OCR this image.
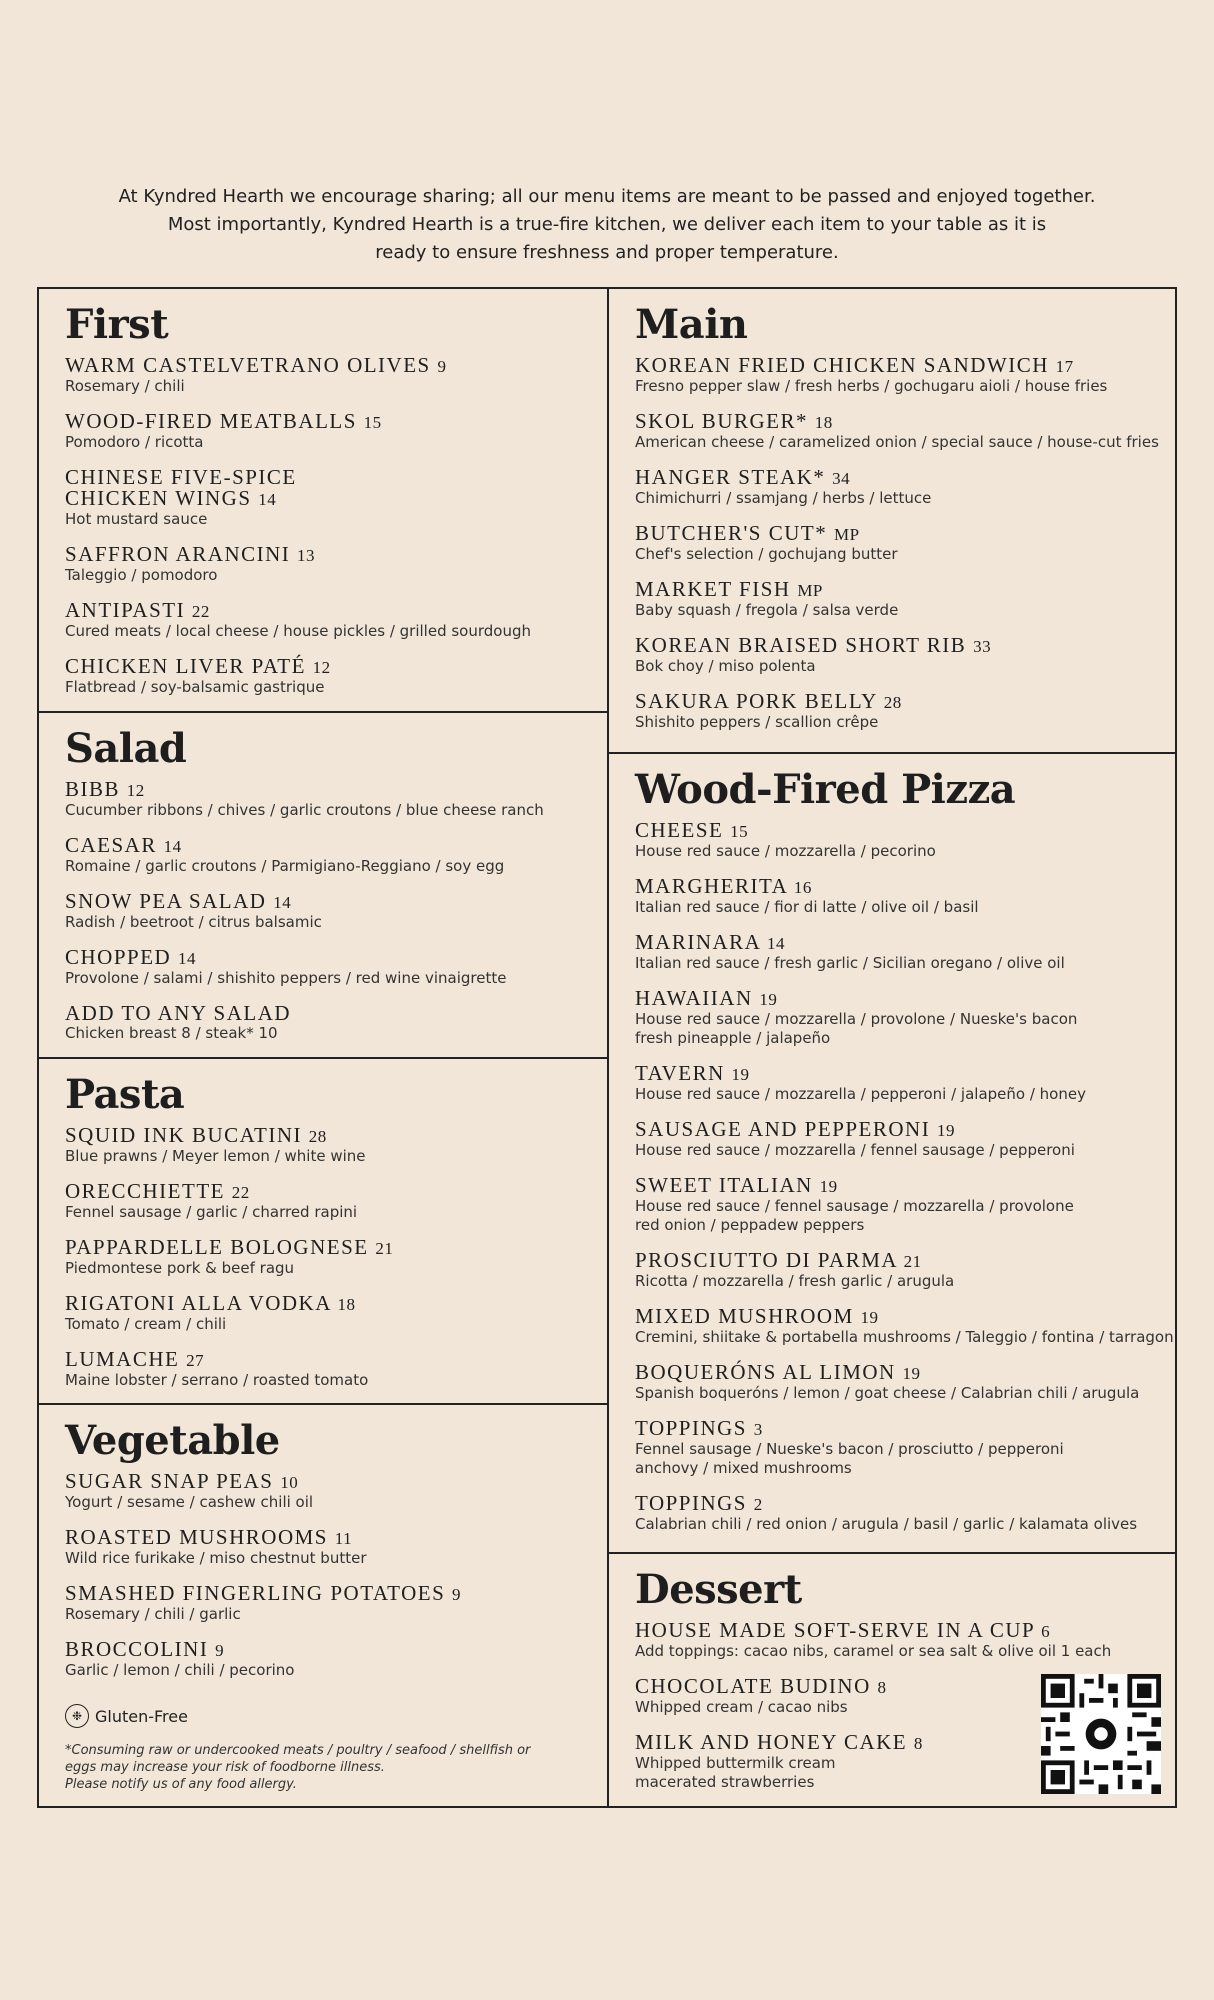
At Kyndred Hearth we encourage sharing; all our menu items are meant to be passed and enjoyed together.
Most importantly, Kyndred Hearth is a true-fire kitchen, we deliver each item to your table as it is
ready to ensure freshness and proper temperature.
First
WARM CASTELVETRANO OLIVES 9
Rosemary / chili
WOOD-FIRED MEATBALLS 15
Pomodoro / ricotta
CHINESE FIVE-SPICE CHICKEN WINGS 14
Hot mustard sauce
SAFFRON ARANCINI 13
Taleggio / pomodoro
ANTIPASTI 22
Cured meats / local cheese / house pickles / grilled sourdough
CHICKEN LIVER PATÉ 12
Flatbread / soy-balsamic gastrique
Salad
BIBB 12
Cucumber ribbons / chives / garlic croutons / blue cheese ranch
CAESAR 14
Romaine / garlic croutons / Parmigiano-Reggiano / soy egg
SNOW PEA SALAD 14
Radish / beetroot / citrus balsamic
CHOPPED 14
Provolone / salami / shishito peppers / red wine vinaigrette
ADD TO ANY SALAD
Chicken breast 8 / steak* 10
Pasta
SQUID INK BUCATINI 28
Blue prawns / Meyer lemon / white wine
ORECCHIETTE 22
Fennel sausage / garlic / charred rapini
PAPPARDELLE BOLOGNESE 21
Piedmontese pork & beef ragu
RIGATONI ALLA VODKA 18
Tomato / cream / chili
LUMACHE 27
Maine lobster / serrano / roasted tomato
Vegetable
SUGAR SNAP PEAS 10
Yogurt / sesame / cashew chili oil
ROASTED MUSHROOMS 11
Wild rice furikake / miso chestnut butter
SMASHED FINGERLING POTATOES 9
Rosemary / chili / garlic
BROCCOLINI 9
Garlic / lemon / chili / pecorino
❉ Gluten-Free
*Consuming raw or undercooked meats / poultry / seafood / shellfish or
eggs may increase your risk of foodborne illness.
Please notify us of any food allergy.
Main
KOREAN FRIED CHICKEN SANDWICH 17
Fresno pepper slaw / fresh herbs / gochugaru aioli / house fries
SKOL BURGER* 18
American cheese / caramelized onion / special sauce / house-cut fries
HANGER STEAK* 34
Chimichurri / ssamjang / herbs / lettuce
BUTCHER'S CUT* MP
Chef's selection / gochujang butter
MARKET FISH MP
Baby squash / fregola / salsa verde
KOREAN BRAISED SHORT RIB 33
Bok choy / miso polenta
SAKURA PORK BELLY 28
Shishito peppers / scallion crêpe
Wood-Fired Pizza
CHEESE 15
House red sauce / mozzarella / pecorino
MARGHERITA 16
Italian red sauce / fior di latte / olive oil / basil
MARINARA 14
Italian red sauce / fresh garlic / Sicilian oregano / olive oil
HAWAIIAN 19
House red sauce / mozzarella / provolone / Nueske's bacon
fresh pineapple / jalapeño
TAVERN 19
House red sauce / mozzarella / pepperoni / jalapeño / honey
SAUSAGE AND PEPPERONI 19
House red sauce / mozzarella / fennel sausage / pepperoni
SWEET ITALIAN 19
House red sauce / fennel sausage / mozzarella / provolone
red onion / peppadew peppers
PROSCIUTTO DI PARMA 21
Ricotta / mozzarella / fresh garlic / arugula
MIXED MUSHROOM 19
Cremini, shiitake & portabella mushrooms / Taleggio / fontina / tarragon
BOQUERÓNS AL LIMON 19
Spanish boquerόns / lemon / goat cheese / Calabrian chili / arugula
TOPPINGS 3
Fennel sausage / Nueske's bacon / prosciutto / pepperoni
anchovy / mixed mushrooms
TOPPINGS 2
Calabrian chili / red onion / arugula / basil / garlic / kalamata olives
Dessert
HOUSE MADE SOFT-SERVE IN A CUP 6
Add toppings: cacao nibs, caramel or sea salt & olive oil 1 each
CHOCOLATE BUDINO 8
Whipped cream / cacao nibs
MILK AND HONEY CAKE 8
Whipped buttermilk cream
macerated strawberries
